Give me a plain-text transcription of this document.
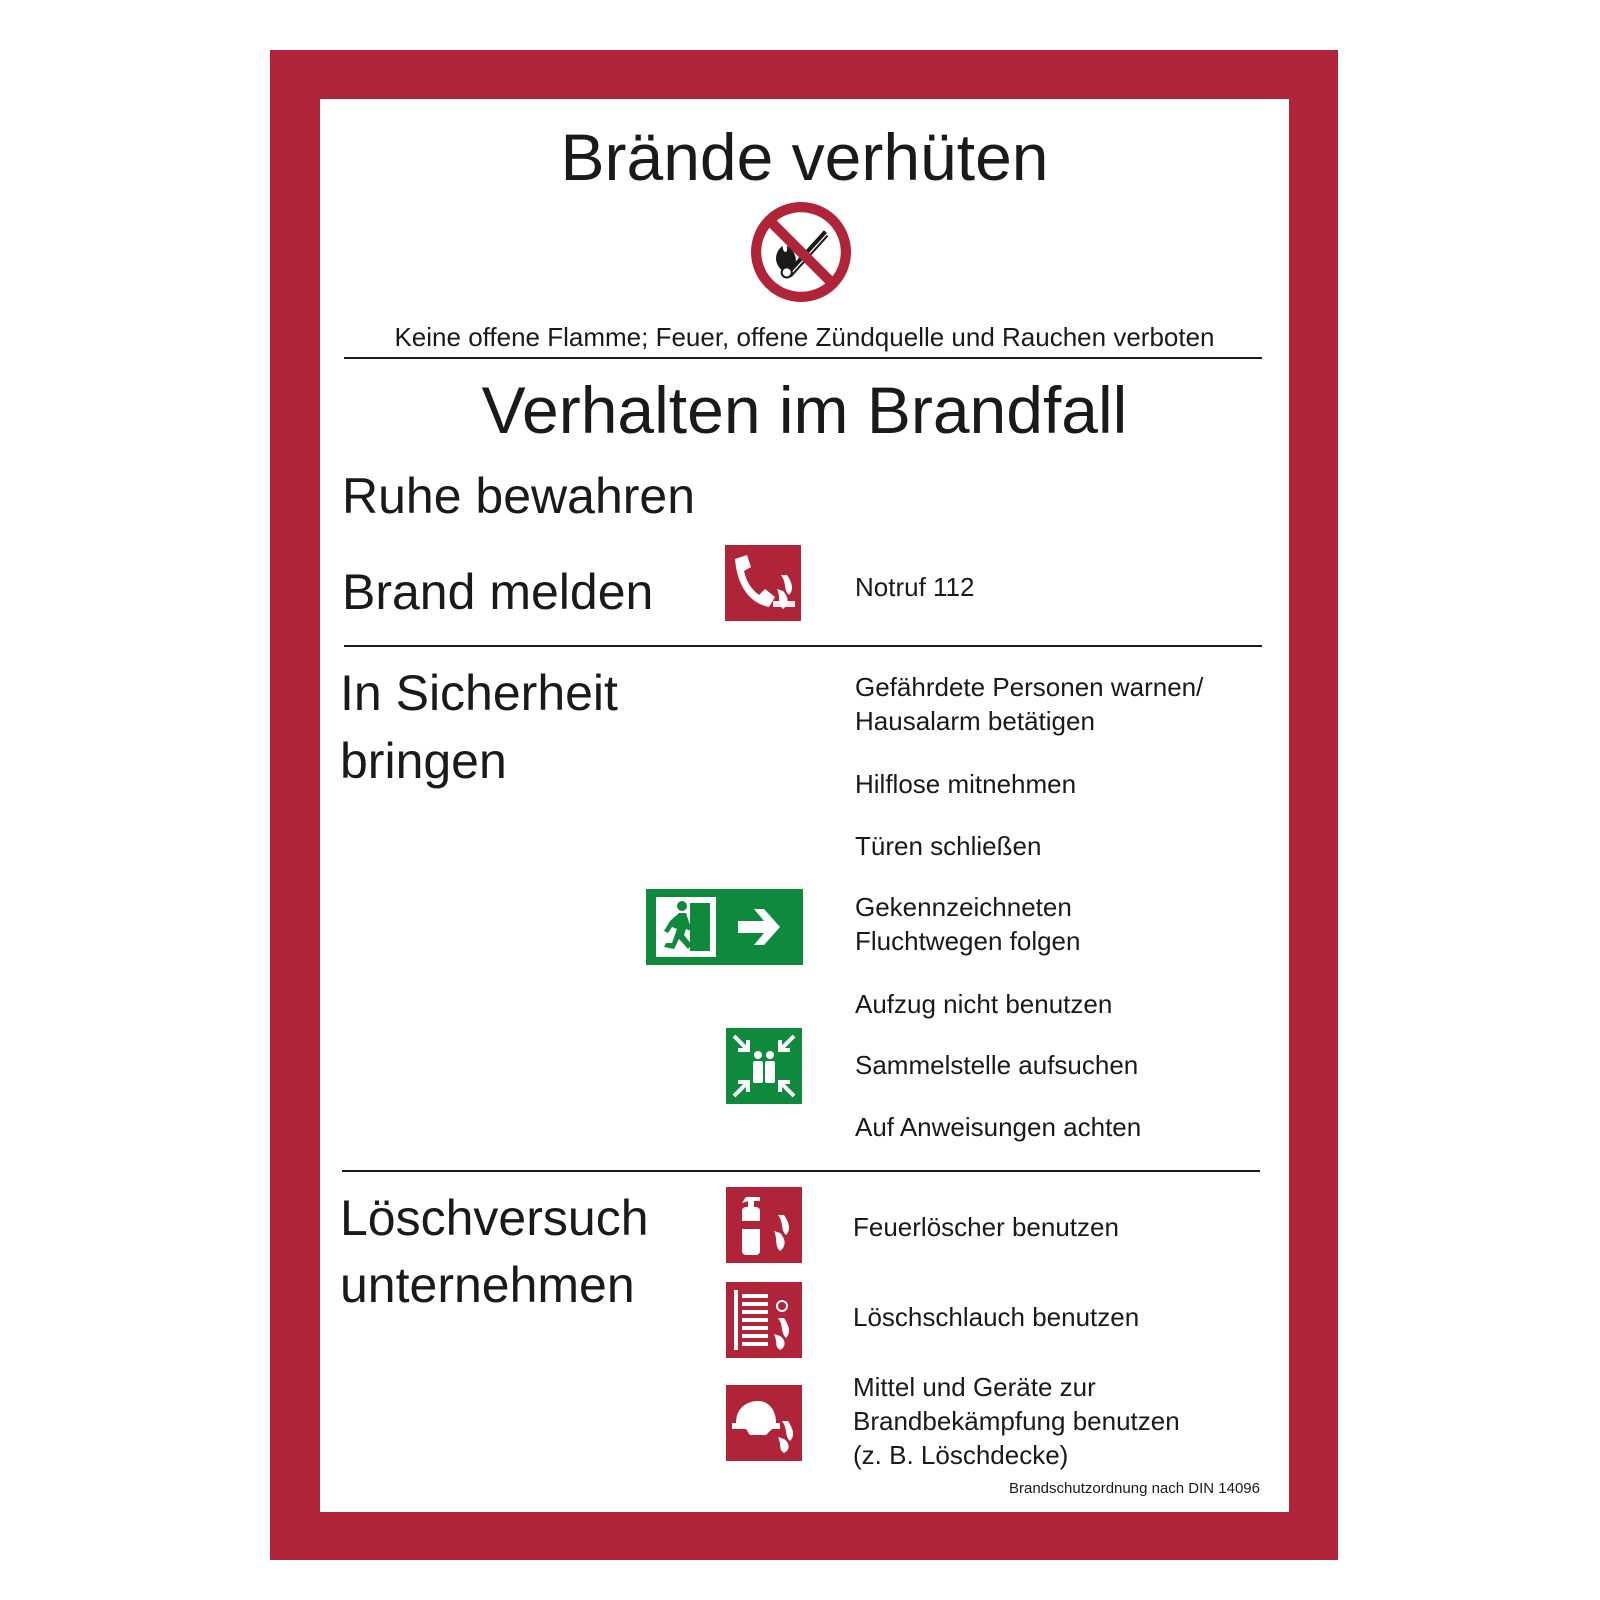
Brände verhüten
Keine offene Flamme; Feuer, offene Zündquelle und Rauchen verboten
Verhalten im Brandfall
Ruhe bewahren
Brand melden	Notruf 112
In Sicherheit
bringen
Gefährdete Personen warnen/
Hausalarm betätigen
Hilflose mitnehmen
Türen schließen
Gekennzeichneten
Fluchtwegen folgen
Aufzug nicht benutzen
Sammelstelle aufsuchen
Auf Anweisungen achten
Löschversuch
unternehmen
Feuerlöscher benutzen
Löschschlauch benutzen
Mittel und Geräte zur
Brandbekämpfung benutzen
(z. B. Löschdecke)
Brandschutzordnung nach DIN 14096
